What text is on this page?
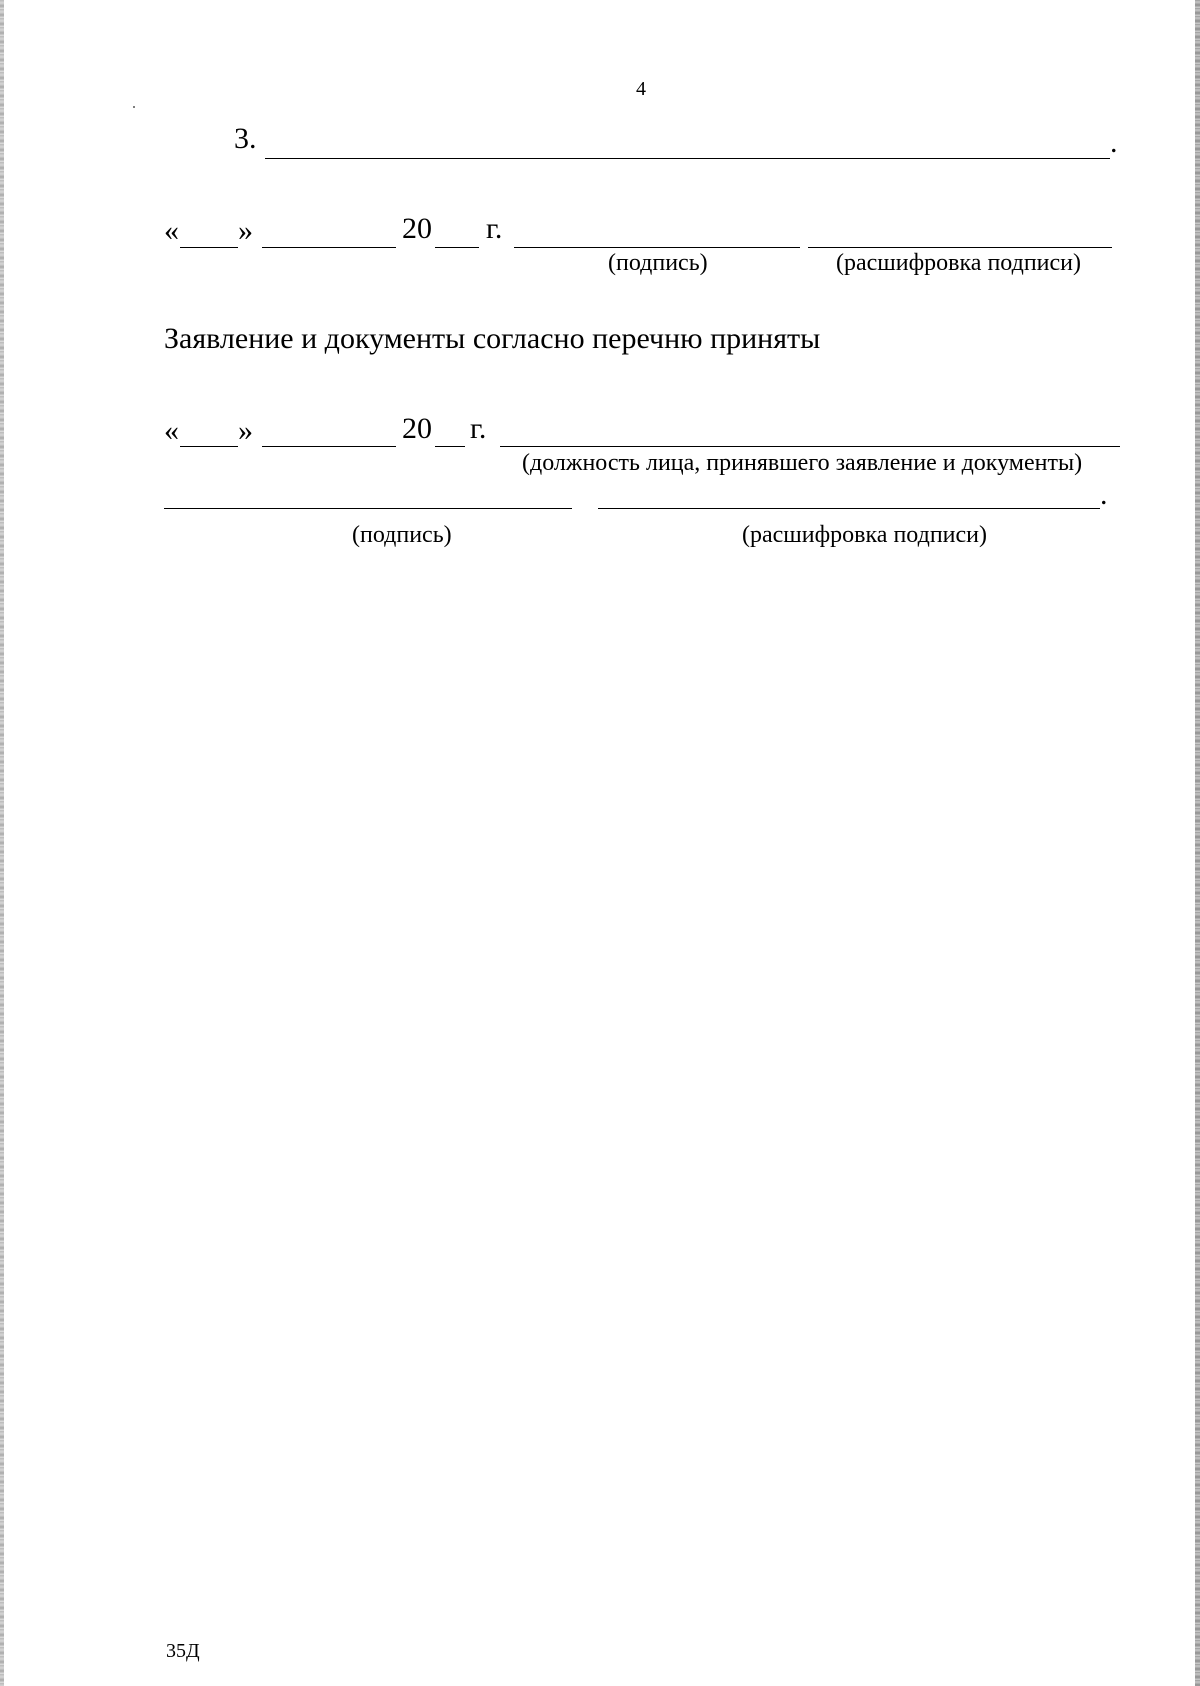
4
3.	.
« »	20 г.
(подпись)	(расшифровка подписи)
Заявление и документы согласно перечню приняты
« »	20 г.
(должность лица, принявшего заявление и документы)
.
(подпись)	(расшифровка подписи)
35Д
